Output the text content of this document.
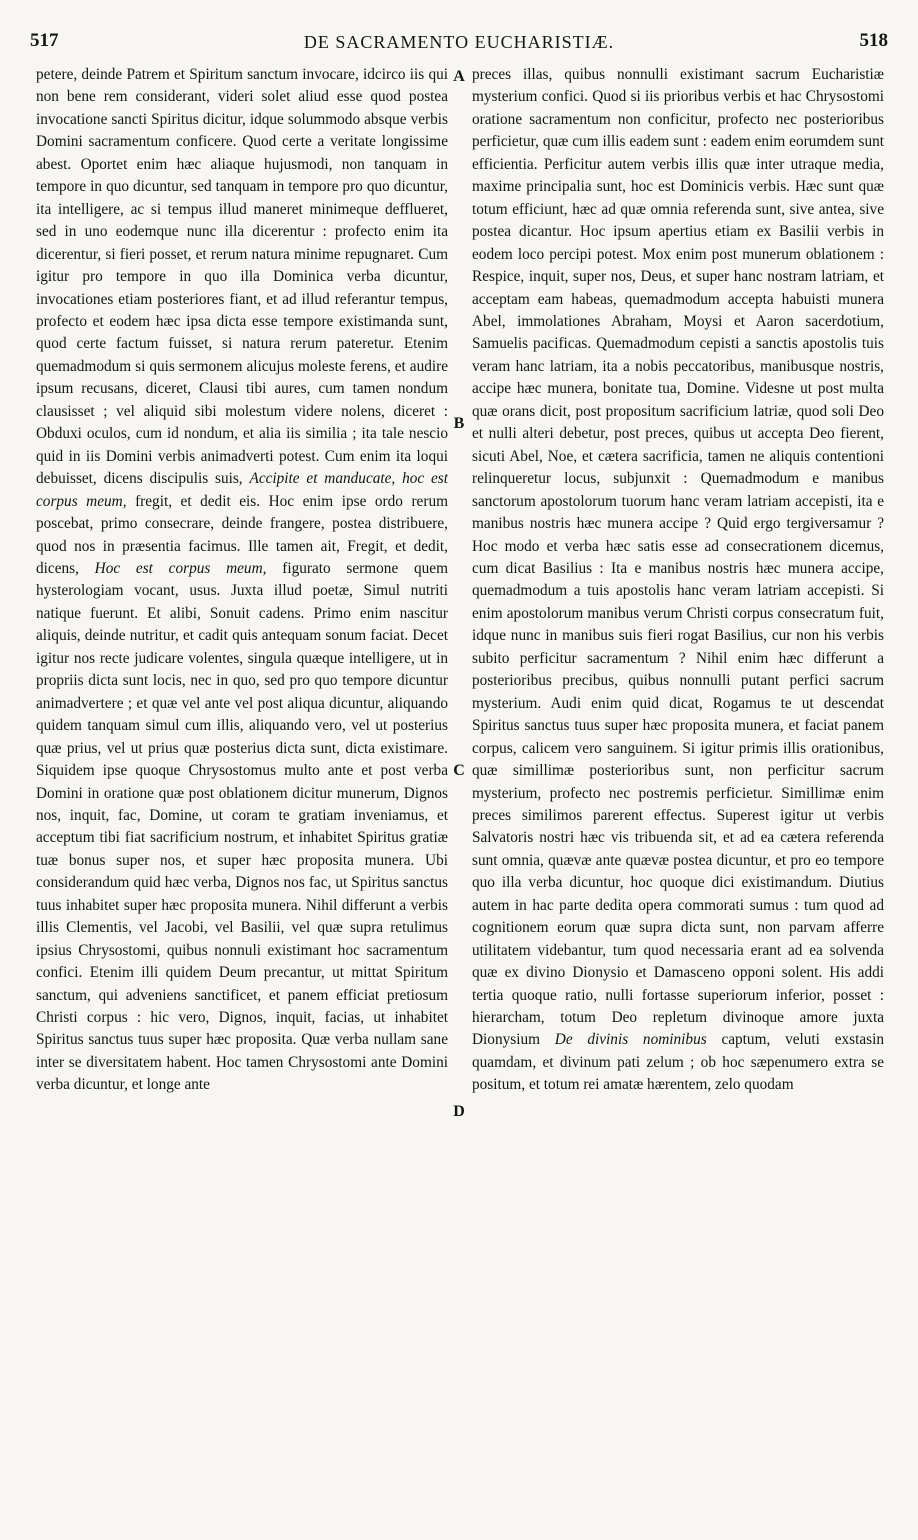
517	DE SACRAMENTO EUCHARISTIÆ.	518

petere, deinde Patrem et Spiritum sanctum invocare, idcirco iis qui non bene rem considerant, videri solet aliud esse quod postea invocatione sancti Spiritus dicitur, idque solummodo absque verbis Domini sacramentum conficere. Quod certe a veritate longissime abest. Oportet enim hæc aliaque hujusmodi, non tanquam in tempore in quo dicuntur, sed tanquam in tempore pro quo dicuntur, ita intelligere, ac si tempus illud maneret minimeque defflueret, sed in uno eodemque nunc illa dicerentur : profecto enim ita dicerentur, si fieri posset, et rerum natura minime repugnaret. Cum igitur pro tempore in quo illa Dominica verba dicuntur, invocationes etiam posteriores fiant, et ad illud referantur tempus, profecto et eodem hæc ipsa dicta esse tempore existimanda sunt, quod certe factum fuisset, si natura rerum pateretur. Etenim quemadmodum si quis sermonem alicujus moleste ferens, et audire ipsum recusans, diceret, Clausi tibi aures, cum tamen nondum clausisset ; vel aliquid sibi molestum videre nolens, diceret : Obduxi oculos, cum id nondum, et alia iis similia ; ita tale nescio quid in iis Domini verbis animadverti potest. Cum enim ita loqui debuisset, dicens discipulis suis, Accipite et manducate, hoc est corpus meum, fregit, et dedit eis. Hoc enim ipse ordo rerum poscebat, primo consecrare, deinde frangere, postea distribuere, quod nos in præsentia facimus. Ille tamen ait, Fregit, et dedit, dicens, Hoc est corpus meum, figurato sermone quem hysterologiam vocant, usus. Juxta illud poetæ, Simul nutriti natique fuerunt. Et alibi, Sonuit cadens. Primo enim nascitur aliquis, deinde nutritur, et cadit quis antequam sonum faciat. Decet igitur nos recte judicare volentes, singula quæque intelligere, ut in propriis dicta sunt locis, nec in quo, sed pro quo tempore dicuntur animadvertere ; et quæ vel ante vel post aliqua dicuntur, aliquando quidem tanquam simul cum illis, aliquando vero, vel ut posterius quæ prius, vel ut prius quæ posterius dicta sunt, dicta existimare. Siquidem ipse quoque Chrysostomus multo ante et post verba Domini in oratione quæ post oblationem dicitur munerum, Dignos nos, inquit, fac, Domine, ut coram te gratiam inveniamus, et acceptum tibi fiat sacrificium nostrum, et inhabitet Spiritus gratiæ tuæ bonus super nos, et super hæc proposita munera. Ubi considerandum quid hæc verba, Dignos nos fac, ut Spiritus sanctus tuus inhabitet super hæc proposita munera. Nihil differunt a verbis illis Clementis, vel Jacobi, vel Basilii, vel quæ supra retulimus ipsius Chrysostomi, quibus nonnuli existimant hoc sacramentum confici. Etenim illi quidem Deum precantur, ut mittat Spiritum sanctum, qui adveniens sanctificet, et panem efficiat pretiosum Christi corpus : hic vero, Dignos, inquit, facias, ut inhabitet Spiritus sanctus tuus super hæc proposita. Quæ verba nullam sane inter se diversitatem habent. Hoc tamen Chrysostomi ante Domini verba dicuntur, et longe ante

A
B
C
D

preces illas, quibus nonnulli existimant sacrum Eucharistiæ mysterium confici. Quod si iis prioribus verbis et hac Chrysostomi oratione sacramentum non conficitur, profecto nec posterioribus perficietur, quæ cum illis eadem sunt : eadem enim eorumdem sunt efficientia. Perficitur autem verbis illis quæ inter utraque media, maxime principalia sunt, hoc est Dominicis verbis. Hæc sunt quæ totum efficiunt, hæc ad quæ omnia referenda sunt, sive antea, sive postea dicantur. Hoc ipsum apertius etiam ex Basilii verbis in eodem loco percipi potest. Mox enim post munerum oblationem : Respice, inquit, super nos, Deus, et super hanc nostram latriam, et acceptam eam habeas, quemadmodum accepta habuisti munera Abel, immolationes Abraham, Moysi et Aaron sacerdotium, Samuelis pacificas. Quemadmodum cepisti a sanctis apostolis tuis veram hanc latriam, ita a nobis peccatoribus, manibusque nostris, accipe hæc munera, bonitate tua, Domine. Videsne ut post multa quæ orans dicit, post propositum sacrificium latriæ, quod soli Deo et nulli alteri debetur, post preces, quibus ut accepta Deo fierent, sicuti Abel, Noe, et cætera sacrificia, tamen ne aliquis contentioni relinqueretur locus, subjunxit : Quemadmodum e manibus sanctorum apostolorum tuorum hanc veram latriam accepisti, ita e manibus nostris hæc munera accipe ? Quid ergo tergiversamur ? Hoc modo et verba hæc satis esse ad consecrationem dicemus, cum dicat Basilius : Ita e manibus nostris hæc munera accipe, quemadmodum a tuis apostolis hanc veram latriam accepisti. Si enim apostolorum manibus verum Christi corpus consecratum fuit, idque nunc in manibus suis fieri rogat Basilius, cur non his verbis subito perficitur sacramentum ? Nihil enim hæc differunt a posterioribus precibus, quibus nonnulli putant perfici sacrum mysterium. Audi enim quid dicat, Rogamus te ut descendat Spiritus sanctus tuus super hæc proposita munera, et faciat panem corpus, calicem vero sanguinem. Si igitur primis illis orationibus, quæ simillimæ posterioribus sunt, non perficitur sacrum mysterium, profecto nec postremis perficietur. Simillimæ enim preces similimos parerent effectus. Superest igitur ut verbis Salvatoris nostri hæc vis tribuenda sit, et ad ea cætera referenda sunt omnia, quævæ ante quævæ postea dicuntur, et pro eo tempore quo illa verba dicuntur, hoc quoque dici existimandum. Diutius autem in hac parte dedita opera commorati sumus : tum quod ad cognitionem eorum quæ supra dicta sunt, non parvam afferre utilitatem videbantur, tum quod necessaria erant ad ea solvenda quæ ex divino Dionysio et Damasceno opponi solent. His addi tertia quoque ratio, nulli fortasse superiorum inferior, posset : hierarcham, totum Deo repletum divinoque amore juxta Dionysium De divinis nominibus captum, veluti exstasin quamdam, et divinum pati zelum ; ob hoc sæpenumero extra se positum, et totum rei amatæ hærentem, zelo quodam
